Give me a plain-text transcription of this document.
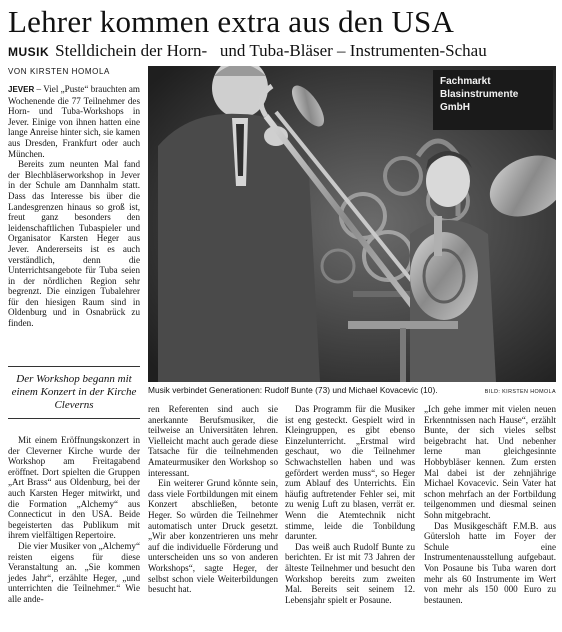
Lehrer kommen extra aus den USA
MUSIK Stelldichein der Horn-   und Tuba-Bläser – Instrumenten-Schau
VON KIRSTEN HOMOLA

JEVER – Viel „Puste“ brauchten am Wochenende die 77 Teilnehmer des Horn- und Tuba-Workshops in Jever. Einige von ihnen hatten eine lange Anreise hinter sich, sie kamen aus Dresden, Frankfurt oder auch München.

Bereits zum neunten Mal fand der Blechbläserworkshop in Jever in der Schule am Dannhalm statt. Dass das Interesse bis über die Landesgrenzen hinaus so groß ist, freut ganz besonders den leidenschaftlichen Tubaspieler und Organisator Karsten Heger aus Jever. Andererseits ist es auch verständlich, denn die Unterrichtsangebote für Tuba seien in der nördlichen Region sehr begrenzt. Die einzigen Tubalehrer für den hiesigen Raum sind in Oldenburg und in Osnabrück zu finden.

Fachmarkt
Blasinstrumente
GmbH
Musik verbindet Generationen: Rudolf Bunte (73) und Michael Kovacevic (10).	BILD: KIRSTEN HOMOLA
Der Workshop begann mit einem Konzert in der Kirche Cleverns

Mit einem Eröffnungskonzert in der Cleverner Kirche wurde der Workshop am Freitagabend eröffnet. Dort spielten die Gruppen „Art Brass“ aus Oldenburg, bei der auch Karsten Heger mitwirkt, und die Formation „Alchemy“ aus Connecticut in den USA. Beide begeisterten das Publikum mit ihrem vielfältigen Repertoire.

Die vier Musiker von „Alchemy“ reisten eigens für diese Veranstaltung an. „Sie kommen jedes Jahr“, erzählte Heger, „und unterrichten die Teilnehmer.“ Wie alle ande-

ren Referenten sind auch sie anerkannte Berufsmusiker, die teilweise an Universitäten lehren. Vielleicht macht auch gerade diese Tatsache für die teilnehmenden Amateurmusiker den Workshop so interessant.

Ein weiterer Grund könnte sein, dass viele Fortbildungen mit einem Konzert abschließen, betonte Heger. So würden die Teilnehmer automatisch unter Druck gesetzt. „Wir aber konzentrieren uns mehr auf die individuelle Förderung und unterscheiden uns so von anderen Workshops“, sagte Heger, der selbst schon viele Weiterbildungen besucht hat.

Das Programm für die Musiker ist eng gesteckt. Gespielt wird in Kleingruppen, es gibt ebenso Einzelunterricht. „Erstmal wird geschaut, wo die Teilnehmer Schwachstellen haben und was gefördert werden muss“, so Heger zum Ablauf des Unterrichts. Ein häufig auftretender Fehler sei, mit zu wenig Luft zu blasen, verrät er. Wenn die Atemtechnik nicht stimme, leide die Tonbildung darunter.

Das weiß auch Rudolf Bunte zu berichten. Er ist mit 73 Jahren der älteste Teilnehmer und besucht den Workshop bereits zum zweiten Mal. Bereits seit seinem 12. Lebensjahr spielt er Posaune.

„Ich gehe immer mit vielen neuen Erkenntnissen nach Hause“, erzählt Bunte, der sich vieles selbst beigebracht hat. Und nebenher lerne man gleichgesinnte Hobbybläser kennen. Zum ersten Mal dabei ist der zehnjährige Michael Kovacevic. Sein Vater hat schon mehrfach an der Fortbildung teilgenommen und diesmal seinen Sohn mitgebracht.

Das Musikgeschäft F.M.B. aus Gütersloh hatte im Foyer der Schule eine Instrumentenausstellung aufgebaut. Von Posaune bis Tuba waren dort mehr als 60 Instrumente im Wert von mehr als 150 000 Euro zu bestaunen.
